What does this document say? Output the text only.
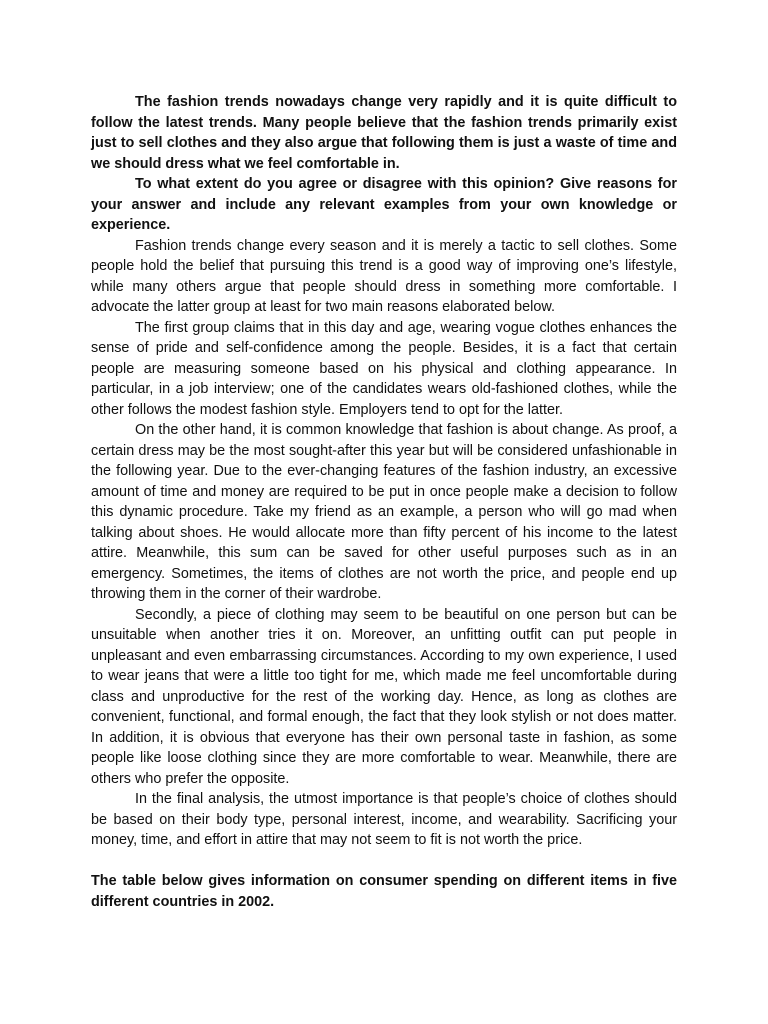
The fashion trends nowadays change very rapidly and it is quite difficult to follow the latest trends. Many people believe that the fashion trends primarily exist just to sell clothes and they also argue that following them is just a waste of time and we should dress what we feel comfortable in.

To what extent do you agree or disagree with this opinion? Give reasons for your answer and include any relevant examples from your own knowledge or experience.

Fashion trends change every season and it is merely a tactic to sell clothes. Some people hold the belief that pursuing this trend is a good way of improving one’s lifestyle, while many others argue that people should dress in something more comfortable. I advocate the latter group at least for two main reasons elaborated below.

The first group claims that in this day and age, wearing vogue clothes enhances the sense of pride and self-confidence among the people. Besides, it is a fact that certain people are measuring someone based on his physical and clothing appearance. In particular, in a job interview; one of the candidates wears old-fashioned clothes, while the other follows the modest fashion style. Employers tend to opt for the latter.

On the other hand, it is common knowledge that fashion is about change. As proof, a certain dress may be the most sought-after this year but will be considered unfashionable in the following year. Due to the ever-changing features of the fashion industry, an excessive amount of time and money are required to be put in once people make a decision to follow this dynamic procedure. Take my friend as an example, a person who will go mad when talking about shoes. He would allocate more than fifty percent of his income to the latest attire. Meanwhile, this sum can be saved for other useful purposes such as in an emergency. Sometimes, the items of clothes are not worth the price, and people end up throwing them in the corner of their wardrobe.

Secondly, a piece of clothing may seem to be beautiful on one person but can be unsuitable when another tries it on. Moreover, an unfitting outfit can put people in unpleasant and even embarrassing circumstances. According to my own experience, I used to wear jeans that were a little too tight for me, which made me feel uncomfortable during class and unproductive for the rest of the working day. Hence, as long as clothes are convenient, functional, and formal enough, the fact that they look stylish or not does matter. In addition, it is obvious that everyone has their own personal taste in fashion, as some people like loose clothing since they are more comfortable to wear. Meanwhile, there are others who prefer the opposite.

In the final analysis, the utmost importance is that people’s choice of clothes should be based on their body type, personal interest, income, and wearability. Sacrificing your money, time, and effort in attire that may not seem to fit is not worth the price.

The table below gives information on consumer spending on different items in five different countries in 2002.
